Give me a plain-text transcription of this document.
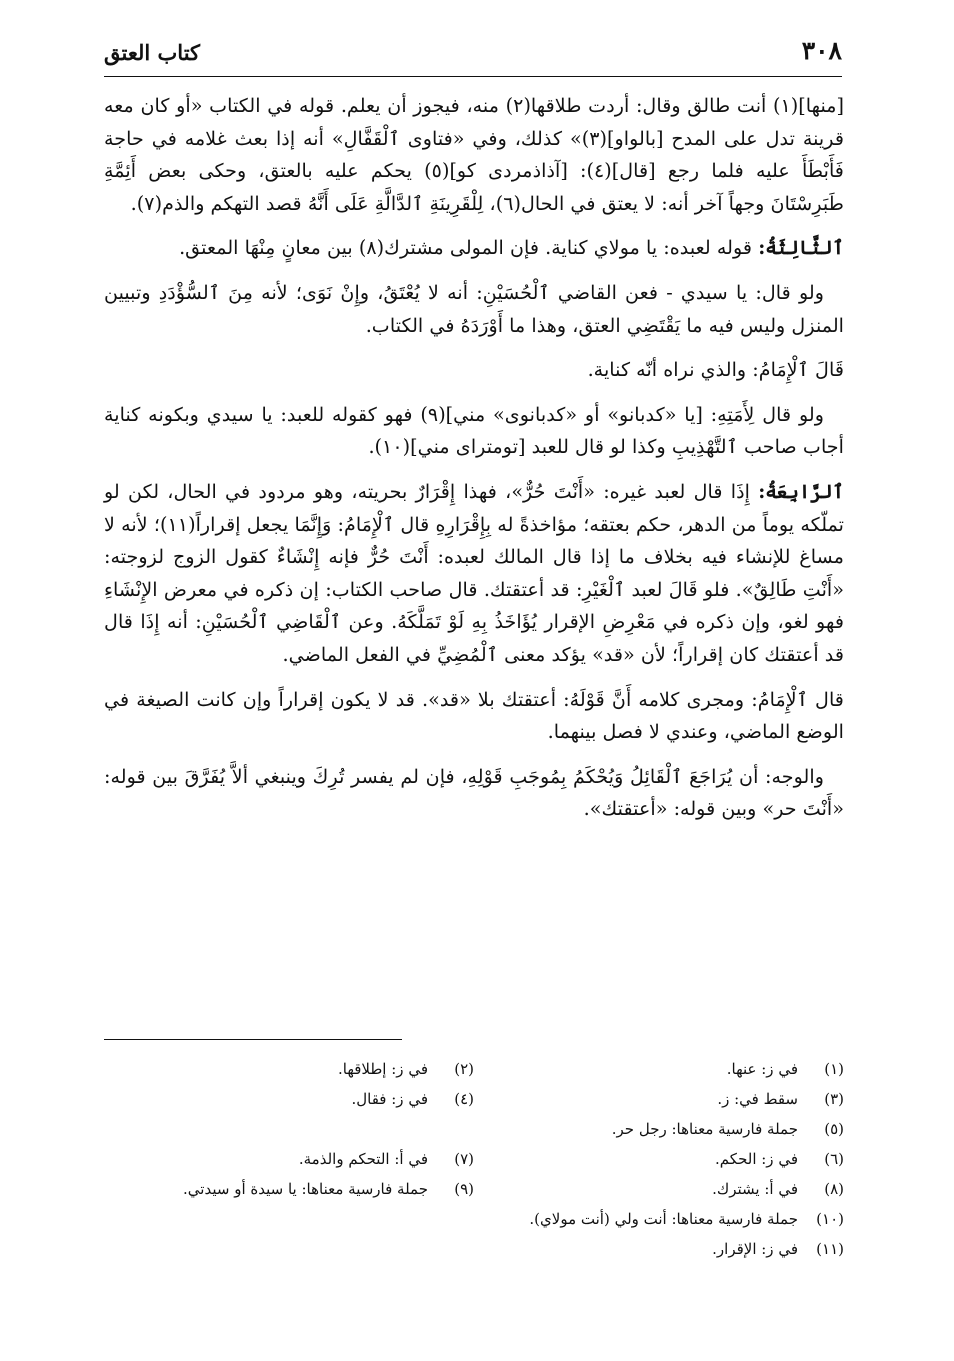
٣٠٨
كتاب العتق

[منها](١) أنت طالق وقال: أردت طلاقها(٢) منه، فيجوز أن يعلم. قوله في الكتاب «أو كان معه قرينة تدل على المدح [بالواو](٣)» كذلك، وفي «فتاوى ٱلْقَفَّالِ» أنه إذا بعث غلامه في حاجة فَأَبْطَأَ عليه فلما رجع [قال](٤): [آذاذمردى كو](٥) يحكم عليه بالعتق، وحكى بعض أَئِمَّةِ طَبَرِسْتَانَ وجهاً آخر أنه: لا يعتق في الحال(٦)، لِلْقَرِينَةِ ٱلدَّالَّةِ عَلَى أَنَّهُ قصد التهكم والذم(٧).

ٱلثَّالِثَةُ: قوله لعبده: يا مولاي كناية. فإن المولى مشترك(٨) بين معانٍ مِنْهَا المعتق.

ولو قال: يا سيدي - فعن القاضي ٱلْحُسَيْنِ: أنه لا يُعْتَقُ، وإِنْ نَوَى؛ لأنه مِنَ ٱلسُّؤْدَدِ وتبيين المنزل وليس فيه ما يَقْتَضِي العتق، وهذا ما أَوْرَدَهُ في الكتاب.

قَالَ ٱلْإِمَامُ: والذي نراه أنّه كناية.

ولو قال لِأَمَتِهِ: [يا «كدبانو» أو «كدبانوى» مني](٩) فهو كقوله للعبد: يا سيدي وبكونه كناية أجاب صاحب ٱلتَّهْذِيبِ وكذا لو قال للعبد [تومتراى مني](١٠).

ٱلرَّابِعَةُ: إِذَا قال لعبد غيره: «أَنْتَ حُرٌّ»، فهذا إِقْرَارٌ بحريته، وهو مردود في الحال، لكن لو تملّكه يوماً من الدهر، حكم بعتقه؛ مؤاخذةً له بِإِقْرَارِهِ قال ٱلْإِمَامُ: وَإِنَّمَا يجعل إقراراً(١١)؛ لأنه لا مساغ للإنشاء فيه بخلاف ما إذا قال المالك لعبده: أَنْتَ حُرٌّ فإنه إِنْشَاءٌ كقول الزوج لزوجته: «أَنْتِ طَالِقٌ». فلو قَالَ لعبد ٱلْغَيْرِ: قد أعتقتك. قال صاحب الكتاب: إن ذكره في معرض الإِنْشَاءِ فهو لغو، وإن ذكره في مَعْرِضِ الإقرار يُؤَاخَذُ بِهِ لَوْ تَمَلَّكَهُ. وعن ٱلْقَاضِي ٱلْحُسَيْنِ: أنه إِذَا قال قد أعتقتك كان إقراراً؛ لأن «قد» يؤكد معنى ٱلْمُضِيِّ في الفعل الماضي.

قال ٱلْإِمَامُ: ومجرى كلامه أَنَّ قَوْلَهُ: أعتقتك بلا «قد». قد لا يكون إقراراً وإن كانت الصيغة في الوضع الماضي، وعندي لا فصل بينهما.

والوجه: أن يُرَاجَعَ ٱلْقَائِلُ وَيُحْكَمُ بِمُوجَبِ قَوْلِهِ، فإن لم يفسر تُرِكَ وينبغي ألاَّ يُفَرَّقَ بين قوله: «أَنْتَ حر» وبين قوله: «أعتقتك».

(١)
في ز: عنها.
(٢)
في ز: إطلاقها.
(٣)
سقط في: ز.
(٤)
في ز: فقال.
(٥)
جملة فارسية معناها: رجل حر.
(٦)
في ز: الحكم.
(٧)
في أ: التحكم والذمة.
(٨)
في أ: يشترك.
(٩)
جملة فارسية معناها: يا سيدة أو سيدتي.
(١٠)
جملة فارسية معناها: أنت ولي (أنت مولاي).
(١١)
في ز: الإقرار.
